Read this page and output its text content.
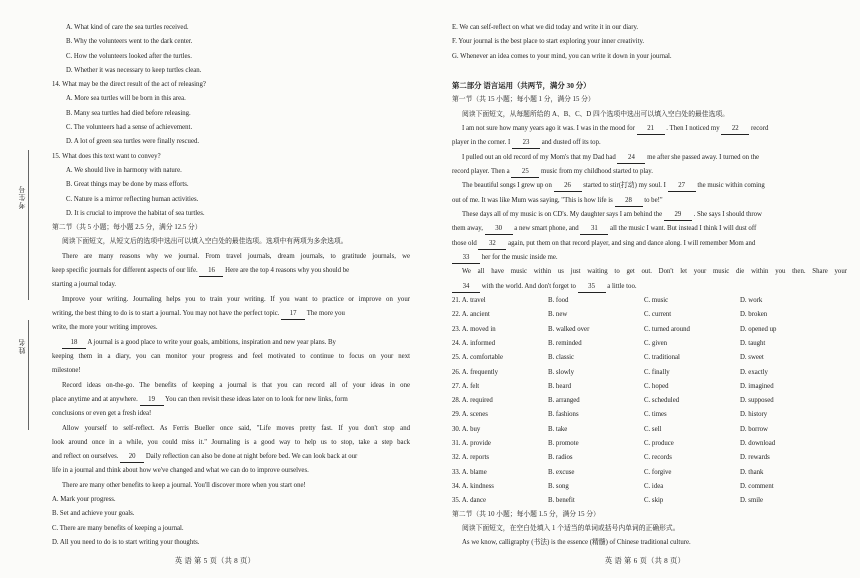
考生号
姓名
A. What kind of care the sea turtles received.
B. Why the volunteers went to the dark center.
C. How the volunteers looked after the turtles.
D. Whether it was necessary to keep turtles clean.
14. What may be the direct result of the act of releasing?
A. More sea turtles will be born in this area.
B. Many sea turtles had died before releasing.
C. The volunteers had a sense of achievement.
D. A lot of green sea turtles were finally rescued.
15. What does this text want to convey?
A. We should live in harmony with nature.
B. Great things may be done by mass efforts.
C. Nature is a mirror reflecting human activities.
D. It is crucial to improve the habitat of sea turtles.
第二节（共 5 小题；每小题 2.5 分，满分 12.5 分）
阅读下面短文，从短文后的选项中选出可以填入空白处的最佳选项。选项中有两项为多余选项。
There are many reasons why we journal. From travel journals, dream journals, to gratitude journals, we
keep specific journals for different aspects of our life. 16 Here are the top 4 reasons why you should be
starting a journal today.
Improve your writing. Journaling helps you to train your writing. If you want to practice or improve on your
writing, the best thing to do is to start a journal. You may not have the perfect topic. 17 The more you
write, the more your writing improves.
18 A journal is a good place to write your goals, ambitions, inspiration and new year plans. By
keeping them in a diary, you can monitor your progress and feel motivated to continue to focus on your next
milestone!
Record ideas on-the-go. The benefits of keeping a journal is that you can record all of your ideas in one
place anytime and at anywhere. 19 You can then revisit these ideas later on to look for new links, form
conclusions or even get a fresh idea!
Allow yourself to self-reflect. As Ferris Bueller once said, "Life moves pretty fast. If you don't stop and
look around once in a while, you could miss it." Journaling is a good way to help us to stop, take a step back
and reflect on ourselves. 20 Daily reflection can also be done at night before bed. We can look back at our
life in a journal and think about how we've changed and what we can do to improve ourselves.
There are many other benefits to keep a journal. You'll discover more when you start one!
A. Mark your progress.
B. Set and achieve your goals.
C. There are many benefits of keeping a journal.
D. All you need to do is to start writing your thoughts.
英 语 第 5 页（共 8 页）
E. We can self-reflect on what we did today and write it in our diary.
F. Your journal is the best place to start exploring your inner creativity.
G. Whenever an idea comes to your mind, you can write it down in your journal.
第二部分 语言运用（共两节，满分 30 分）
第一节（共 15 小题；每小题 1 分，满分 15 分）
阅读下面短文，从每题所给的 A、B、C、D 四个选项中选出可以填入空白处的最佳选项。
I am not sure how many years ago it was. I was in the mood for 21 . Then I noticed my 22 record
player in the corner. I 23 and dusted off its top.
I pulled out an old record of my Mom's that my Dad had 24 me after she passed away. I turned on the
record player. Then a 25 music from my childhood started to play.
The beautiful songs I grew up on 26 started to stir(打动) my soul. I 27 the music within coming
out of me. It was like Mum was saying, "This is how life is 28 to be!"
These days all of my music is on CD's. My daughter says I am behind the 29 . She says I should throw
them away, 30 a new smart phone, and 31 all the music I want. But instead I think I will dust off
those old 32 again, put them on that record player, and sing and dance along. I will remember Mom and
33 her for the music inside me.
We all have music within us just waiting to get out. Don't let your music die within you then. Share your
34 with the world. And don't forget to 35 a little too.
21. A. travel	B. food	C. music	D. work
22. A. ancient	B. new	C. current	D. broken
23. A. moved in	B. walked over	C. turned around	D. opened up
24. A. informed	B. reminded	C. given	D. taught
25. A. comfortable	B. classic	C. traditional	D. sweet
26. A. frequently	B. slowly	C. finally	D. exactly
27. A. felt	B. heard	C. hoped	D. imagined
28. A. required	B. arranged	C. scheduled	D. supposed
29. A. scenes	B. fashions	C. times	D. history
30. A. buy	B. take	C. sell	D. borrow
31. A. provide	B. promote	C. produce	D. download
32. A. reports	B. radios	C. records	D. rewards
33. A. blame	B. excuse	C. forgive	D. thank
34. A. kindness	B. song	C. idea	D. comment
35. A. dance	B. benefit	C. skip	D. smile
第二节（共 10 小题；每小题 1.5 分，满分 15 分）
阅读下面短文，在空白处填入 1 个适当的单词或括号内单词的正确形式。
As we know, calligraphy (书法) is the essence (精髓) of Chinese traditional culture.
英 语 第 6 页（共 8 页）
